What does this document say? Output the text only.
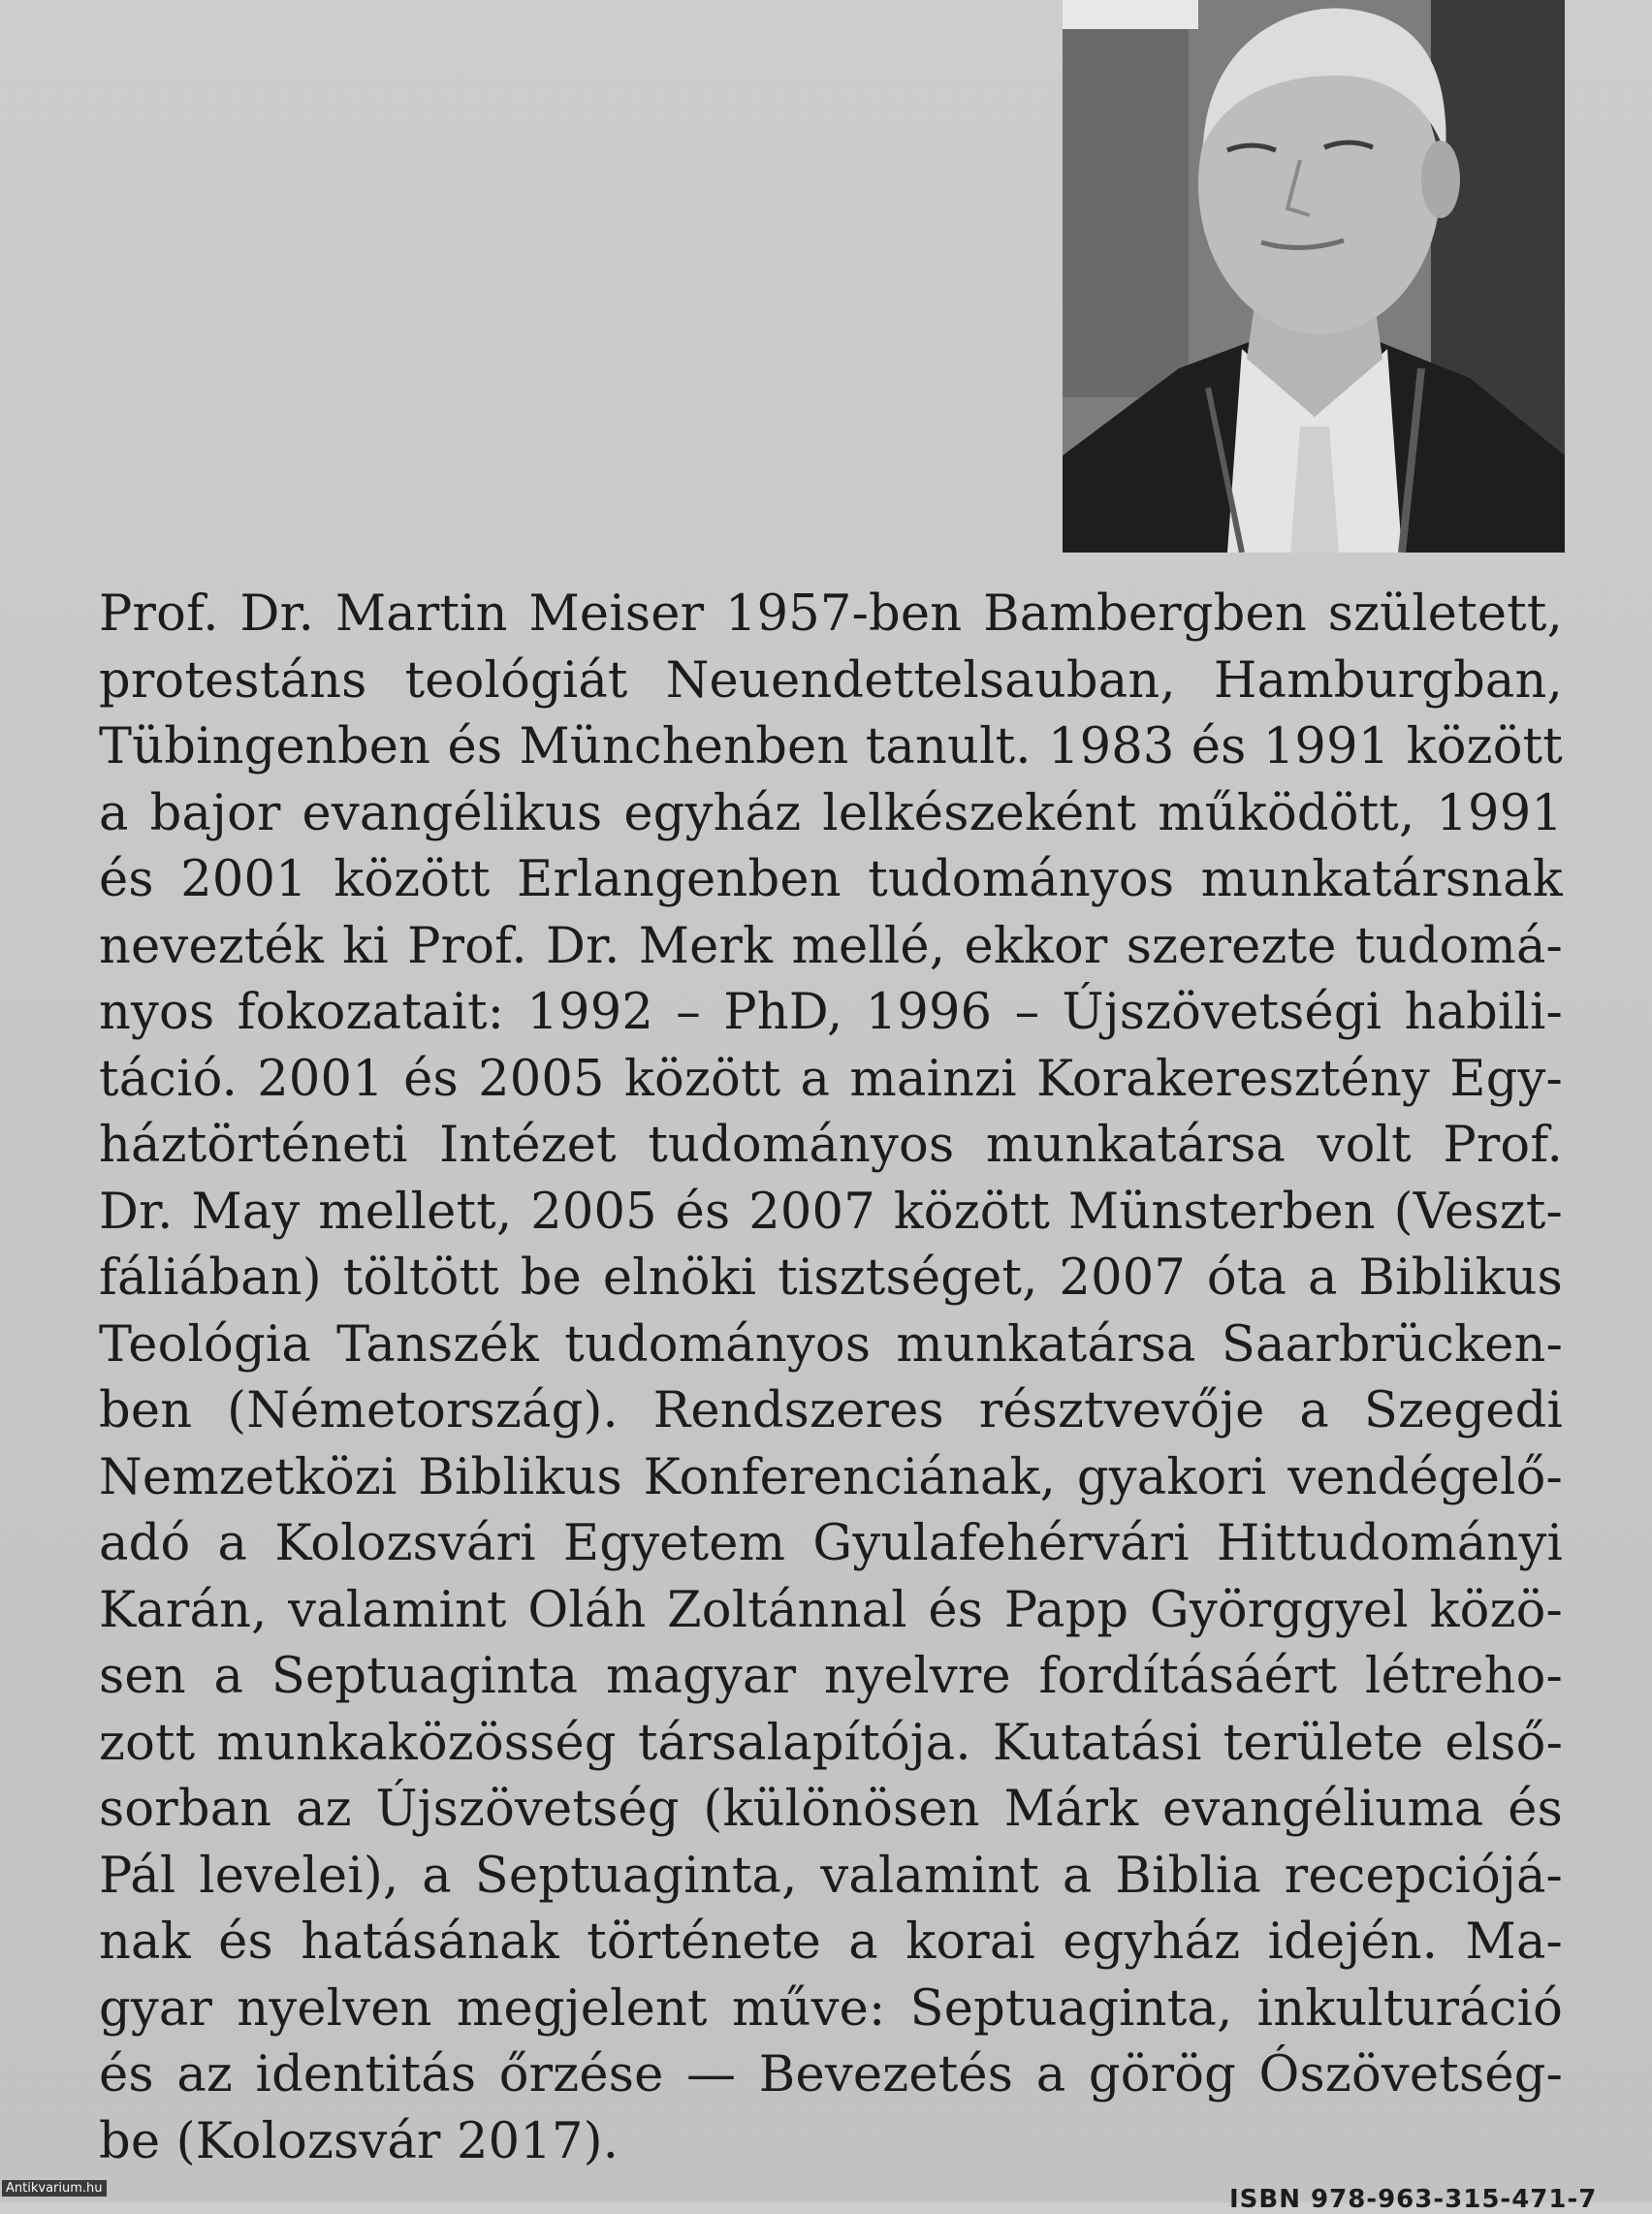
Prof. Dr. Martin Meiser 1957-ben Bambergben született,
protestáns teológiát Neuendettelsauban, Hamburgban,
Tübingenben és Münchenben tanult. 1983 és 1991 között
a bajor evangélikus egyház lelkészeként működött, 1991
és 2001 között Erlangenben tudományos munkatársnak
nevezték ki Prof. Dr. Merk mellé, ekkor szerezte tudomá-
nyos fokozatait: 1992 – PhD, 1996 – Újszövetségi habili-
táció. 2001 és 2005 között a mainzi Korakeresztény Egy-
háztörténeti Intézet tudományos munkatársa volt Prof.
Dr. May mellett, 2005 és 2007 között Münsterben (Veszt-
fáliában) töltött be elnöki tisztséget, 2007 óta a Biblikus
Teológia Tanszék tudományos munkatársa Saarbrücken-
ben (Németország). Rendszeres résztvevője a Szegedi
Nemzetközi Biblikus Konferenciának, gyakori vendégelő-
adó a Kolozsvári Egyetem Gyulafehérvári Hittudományi
Karán, valamint Oláh Zoltánnal és Papp Györggyel közö-
sen a Septuaginta magyar nyelvre fordításáért létreho-
zott munkaközösség társalapítója. Kutatási területe első-
sorban az Újszövetség (különösen Márk evangéliuma és
Pál levelei), a Septuaginta, valamint a Biblia recepciójá-
nak és hatásának története a korai egyház idején. Ma-
gyar nyelven megjelent műve: Septuaginta, inkulturáció
és az identitás őrzése — Bevezetés a görög Ószövetség-
be (Kolozsvár 2017).
Antikvarium.hu	ISBN 978-963-315-471-7
